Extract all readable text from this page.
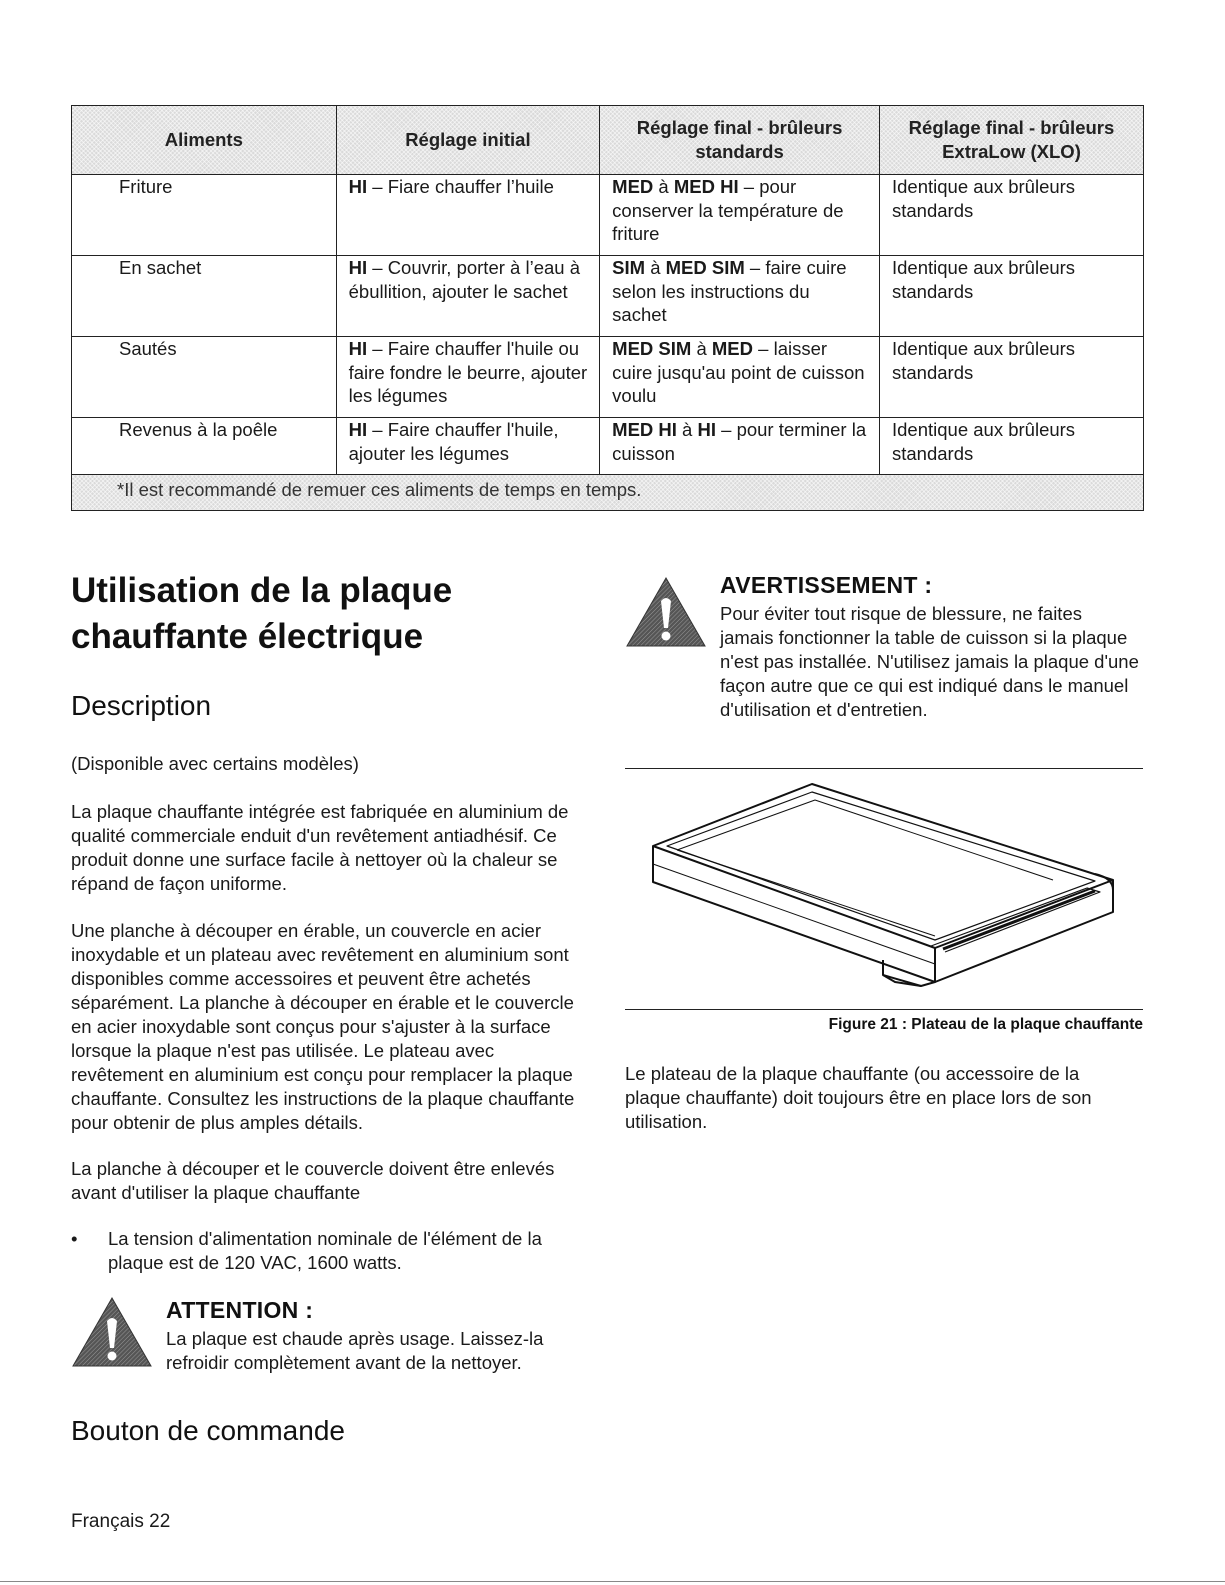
Aliments	Réglage initial	Réglage final - brûleurs standards	Réglage final - brûleurs ExtraLow (XLO)
Friture	HI – Fiare chauffer l’huile	MED à MED HI – pour conserver la température de friture	Identique aux brûleurs standards
En sachet	HI – Couvrir, porter à l’eau à ébullition, ajouter le sachet	SIM à MED SIM – faire cuire selon les instructions du sachet	Identique aux brûleurs standards
Sautés	HI – Faire chauffer l'huile ou faire fondre le beurre, ajouter les légumes	MED SIM à MED – laisser cuire jusqu'au point de cuisson voulu	Identique aux brûleurs standards
Revenus à la poêle	HI – Faire chauffer l'huile, ajouter les légumes	MED HI à HI – pour terminer la cuisson	Identique aux brûleurs standards
*Il est recommandé de remuer ces aliments de temps en temps.			
Utilisation de la plaque chauffante électrique
Description

(Disponible avec certains modèles)

La plaque chauffante intégrée est fabriquée en aluminium de qualité commerciale enduit d'un revêtement antiadhésif. Ce produit donne une surface facile à nettoyer où la chaleur se répand de façon uniforme.

Une planche à découper en érable, un couvercle en acier inoxydable et un plateau avec revêtement en aluminium sont disponibles comme accessoires et peuvent être achetés séparément. La planche à découper en érable et le couvercle en acier inoxydable sont conçus pour s'ajuster à la surface lorsque la plaque n'est pas utilisée. Le plateau avec revêtement en aluminium est conçu pour remplacer la plaque chauffante. Consultez les instructions de la plaque chauffante pour obtenir de plus amples détails.

La planche à découper et le couvercle doivent être enlevés avant d'utiliser la plaque chauffante

•	La tension d'alimentation nominale de l'élément de la plaque est de 120 VAC, 1600 watts.
ATTENTION :

La plaque est chaude après usage. Laissez-la refroidir complètement avant de la nettoyer.

Bouton de commande
AVERTISSEMENT :

Pour éviter tout risque de blessure, ne faites jamais fonctionner la table de cuisson si la plaque n'est pas installée. N'utilisez jamais la plaque d'une façon autre que ce qui est indiqué dans le manuel d'utilisation et d'entretien.

Figure 21 : Plateau de la plaque chauffante

Le plateau de la plaque chauffante (ou accessoire de la plaque chauffante) doit toujours être en place lors de son utilisation.

Français 22
